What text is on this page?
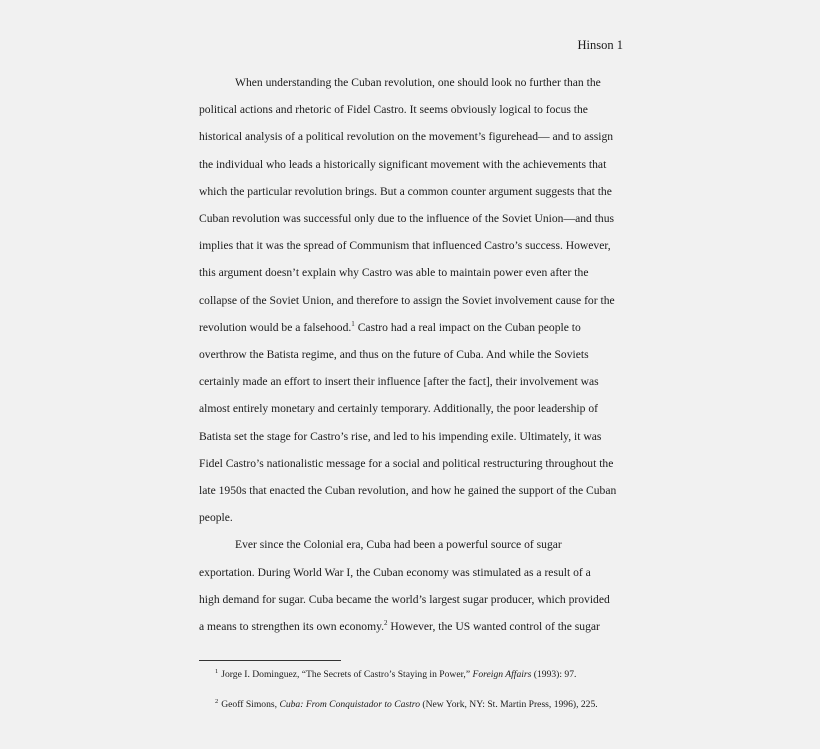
Hinson 1
When understanding the Cuban revolution, one should look no further than the
political actions and rhetoric of Fidel Castro. It seems obviously logical to focus the
historical analysis of a political revolution on the movement’s figurehead— and to assign
the individual who leads a historically significant movement with the achievements that
which the particular revolution brings. But a common counter argument suggests that the
Cuban revolution was successful only due to the influence of the Soviet Union—and thus
implies that it was the spread of Communism that influenced Castro’s success. However,
this argument doesn’t explain why Castro was able to maintain power even after the
collapse of the Soviet Union, and therefore to assign the Soviet involvement cause for the
revolution would be a falsehood.$^1$ Castro had a real impact on the Cuban people to
overthrow the Batista regime, and thus on the future of Cuba. And while the Soviets
certainly made an effort to insert their influence [after the fact], their involvement was
almost entirely monetary and certainly temporary. Additionally, the poor leadership of
Batista set the stage for Castro’s rise, and led to his impending exile. Ultimately, it was
Fidel Castro’s nationalistic message for a social and political restructuring throughout the
late 1950s that enacted the Cuban revolution, and how he gained the support of the Cuban
people.
Ever since the Colonial era, Cuba had been a powerful source of sugar
exportation. During World War I, the Cuban economy was stimulated as a result of a
high demand for sugar. Cuba became the world’s largest sugar producer, which provided
a means to strengthen its own economy.$^2$ However, the US wanted control of the sugar
$^1$ Jorge I. Dominguez, “The Secrets of Castro’s Staying in Power,” Foreign Affairs (1993): 97.
$^2$ Geoff Simons, Cuba: From Conquistador to Castro (New York, NY: St. Martin Press, 1996), 225.
